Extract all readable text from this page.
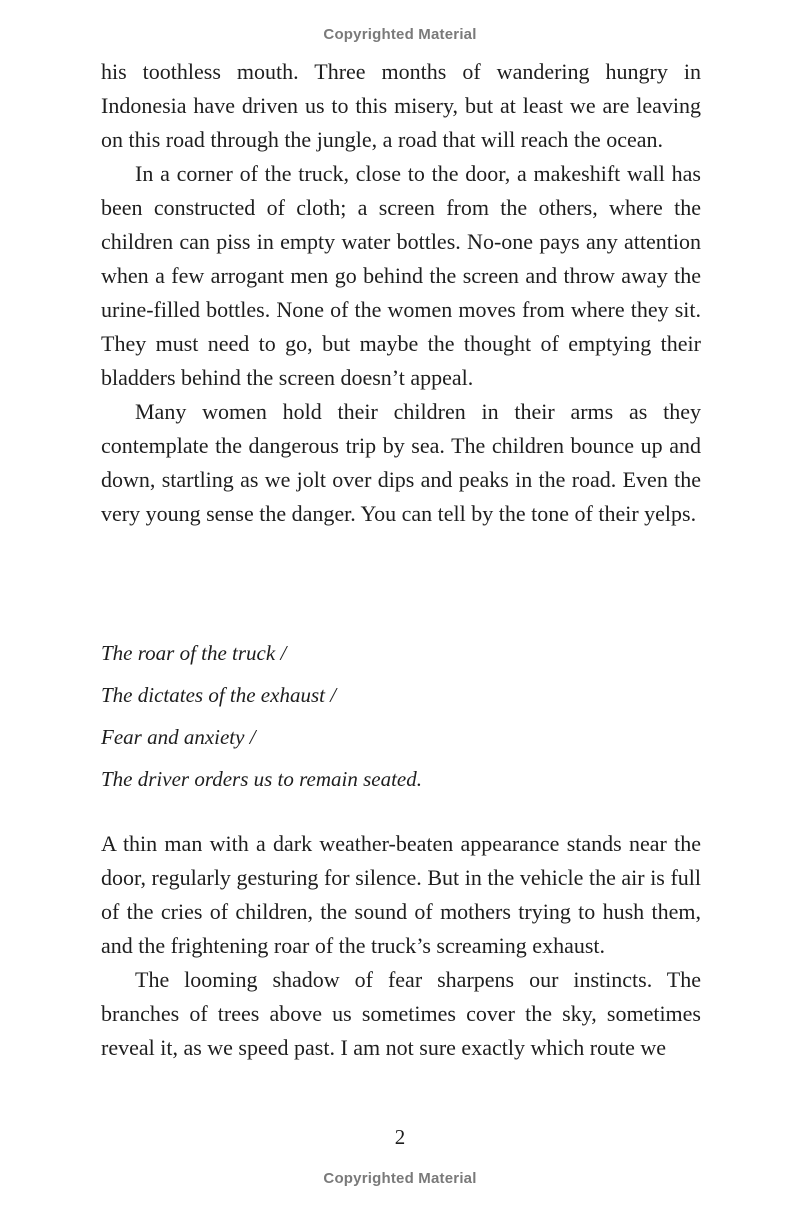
Copyrighted Material

his toothless mouth. Three months of wandering hungry in Indonesia have driven us to this misery, but at least we are leaving on this road through the jungle, a road that will reach the ocean.

In a corner of the truck, close to the door, a makeshift wall has been constructed of cloth; a screen from the others, where the children can piss in empty water bottles. No-one pays any attention when a few arrogant men go behind the screen and throw away the urine-filled bottles. None of the women moves from where they sit. They must need to go, but maybe the thought of emptying their bladders behind the screen doesn’t appeal.

Many women hold their children in their arms as they contemplate the dangerous trip by sea. The children bounce up and down, startling as we jolt over dips and peaks in the road. Even the very young sense the danger. You can tell by the tone of their yelps.

The roar of the truck /
The dictates of the exhaust /
Fear and anxiety /
The driver orders us to remain seated.

A thin man with a dark weather-beaten appearance stands near the door, regularly gesturing for silence. But in the vehicle the air is full of the cries of children, the sound of mothers trying to hush them, and the frightening roar of the truck’s screaming exhaust.

The looming shadow of fear sharpens our instincts. The branches of trees above us sometimes cover the sky, sometimes reveal it, as we speed past. I am not sure exactly which route we

2
Copyrighted Material
